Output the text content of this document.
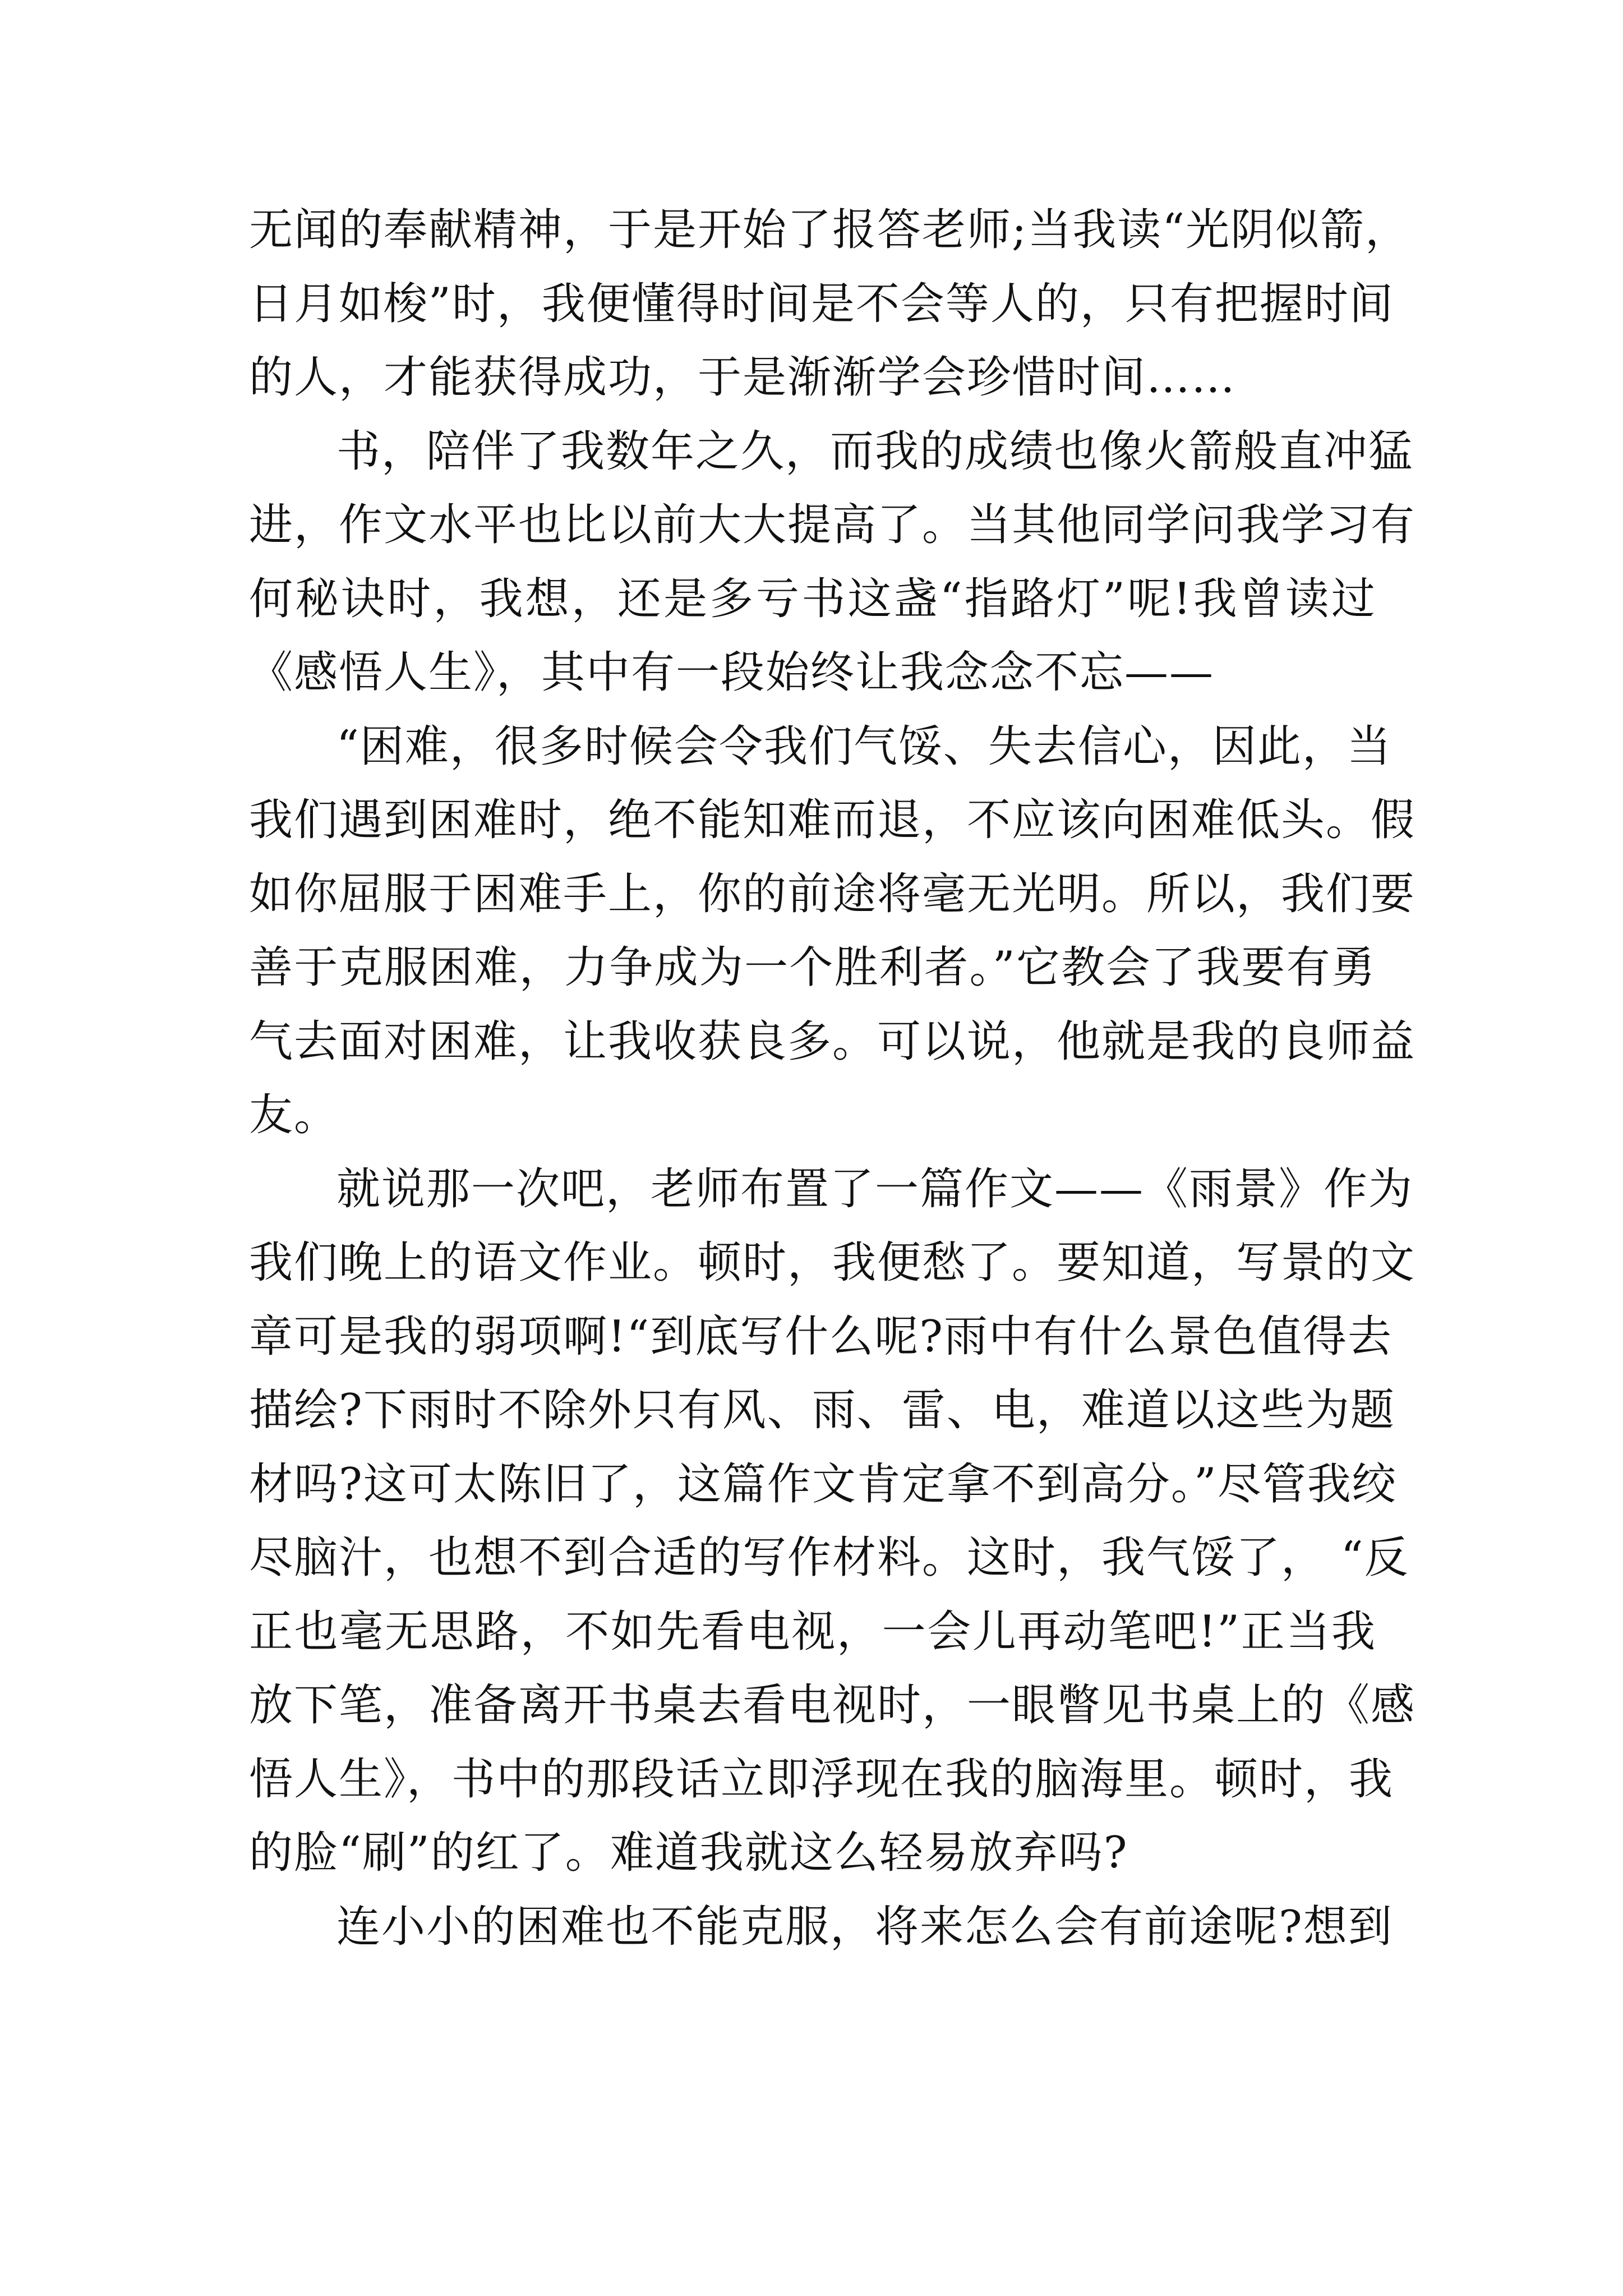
无闻的奉献精神，于是开始了报答老师;当我读“光阴似箭，
日月如梭”时，我便懂得时间是不会等人的，只有把握时间
的人，才能获得成功，于是渐渐学会珍惜时间……
书，陪伴了我数年之久，而我的成绩也像火箭般直冲猛
进，作文水平也比以前大大提高了。当其他同学问我学习有
何秘诀时，我想，还是多亏书这盏“指路灯”呢!我曾读过
《感悟人生》，其中有一段始终让我念念不忘——
“困难，很多时候会令我们气馁、失去信心，因此，当
我们遇到困难时，绝不能知难而退，不应该向困难低头。假
如你屈服于困难手上，你的前途将毫无光明。所以，我们要
善于克服困难，力争成为一个胜利者。”它教会了我要有勇
气去面对困难，让我收获良多。可以说，他就是我的良师益
友。
就说那一次吧，老师布置了一篇作文——《雨景》作为
我们晚上的语文作业。顿时，我便愁了。要知道，写景的文
章可是我的弱项啊!“到底写什么呢?雨中有什么景色值得去
描绘?下雨时不除外只有风、雨、雷、电，难道以这些为题
材吗?这可太陈旧了，这篇作文肯定拿不到高分。”尽管我绞
尽脑汁，也想不到合适的写作材料。这时，我气馁了， “反
正也毫无思路，不如先看电视，一会儿再动笔吧!”正当我
放下笔，准备离开书桌去看电视时，一眼瞥见书桌上的《感
悟人生》，书中的那段话立即浮现在我的脑海里。顿时，我
的脸“刷”的红了。难道我就这么轻易放弃吗?
连小小的困难也不能克服，将来怎么会有前途呢?想到
